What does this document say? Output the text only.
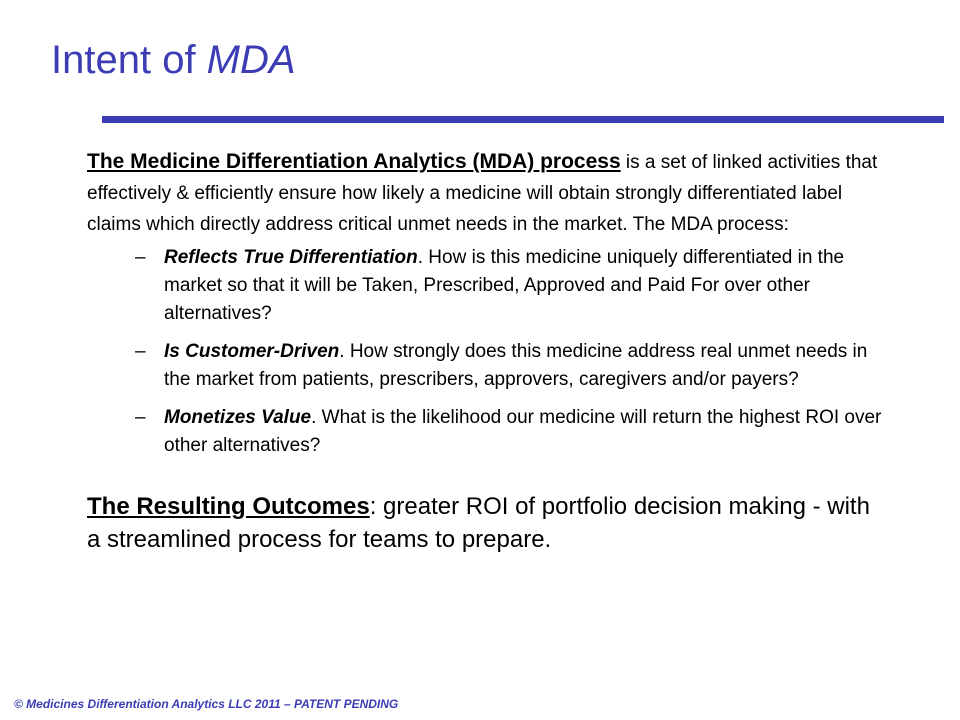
Intent of MDA

The Medicine Differentiation Analytics (MDA) process is a set of linked activities that effectively & efficiently ensure how likely a medicine will obtain strongly differentiated label claims which directly address critical unmet needs in the market. The MDA process:

– Reflects True Differentiation. How is this medicine uniquely differentiated in the market so that it will be Taken, Prescribed, Approved and Paid For over other alternatives?
– Is Customer-Driven. How strongly does this medicine address real unmet needs in the market from patients, prescribers, approvers, caregivers and/or payers?
– Monetizes Value. What is the likelihood our medicine will return the highest ROI over other alternatives?

The Resulting Outcomes: greater ROI of portfolio decision making - with a streamlined process for teams to prepare.

© Medicines Differentiation Analytics LLC 2011 – PATENT PENDING
